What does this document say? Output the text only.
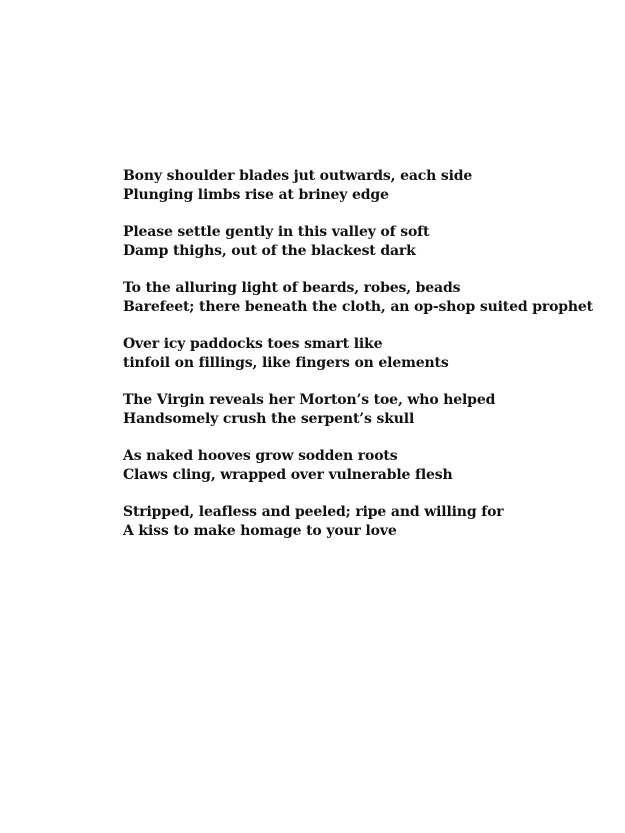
Bony shoulder blades jut outwards, each side
Plunging limbs rise at briney edge
Please settle gently in this valley of soft
Damp thighs, out of the blackest dark
To the alluring light of beards, robes, beads
Barefeet; there beneath the cloth, an op-shop suited prophet
Over icy paddocks toes smart like
tinfoil on fillings, like fingers on elements
The Virgin reveals her Morton’s toe, who helped
Handsomely crush the serpent’s skull
As naked hooves grow sodden roots
Claws cling, wrapped over vulnerable flesh
Stripped, leafless and peeled; ripe and willing for
A kiss to make homage to your love
